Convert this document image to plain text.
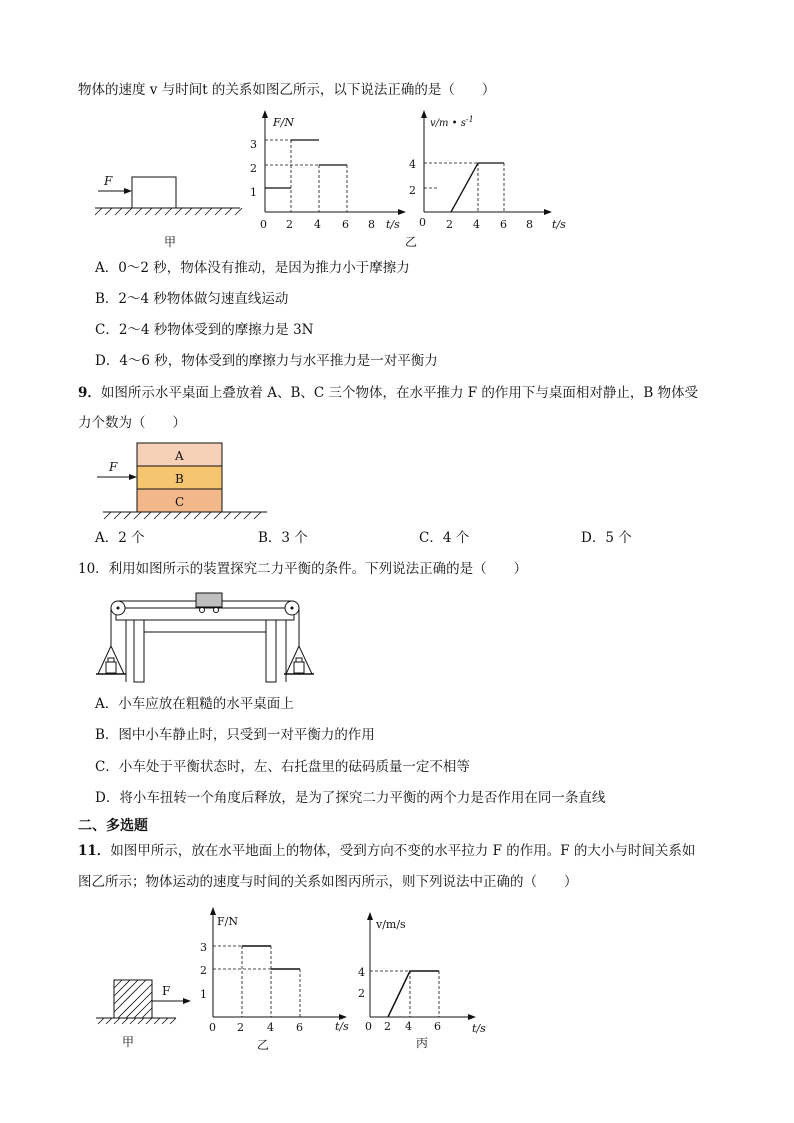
物体的速度 v 与时间t 的关系如图乙所示，以下说法正确的是（　　）
F
甲
F/N
t/s
0 2 4 6 8
1
2
3
v/m • $s^{-1}$
t/s
0 2 4 6 8
2
4
乙
A．0～2 秒，物体没有推动，是因为推力小于摩擦力
B．2～4 秒物体做匀速直线运动
C．2～4 秒物体受到的摩擦力是 3N
D．4～6 秒，物体受到的摩擦力与水平推力是一对平衡力
9．如图所示水平桌面上叠放着 A、B、C 三个物体，在水平推力 F 的作用下与桌面相对静止，B 物体受
力个数为（　　）
A
B
C
F
A．2 个	B．3 个	C．4 个	D．5 个
10．利用如图所示的装置探究二力平衡的条件。下列说法正确的是（　　）
A．小车应放在粗糙的水平桌面上
B．图中小车静止时，只受到一对平衡力的作用
C．小车处于平衡状态时，左、右托盘里的砝码质量一定不相等
D．将小车扭转一个角度后释放，是为了探究二力平衡的两个力是否作用在同一条直线
二、多选题
11．如图甲所示，放在水平地面上的物体，受到方向不变的水平拉力 F 的作用。F 的大小与时间关系如
图乙所示；物体运动的速度与时间的关系如图丙所示，则下列说法中正确的（　　）
F
甲
F/N
t/s
0 2 4 6
1
2
3
乙
v/m/s
t/s
0 2 4 6
2
4
丙
